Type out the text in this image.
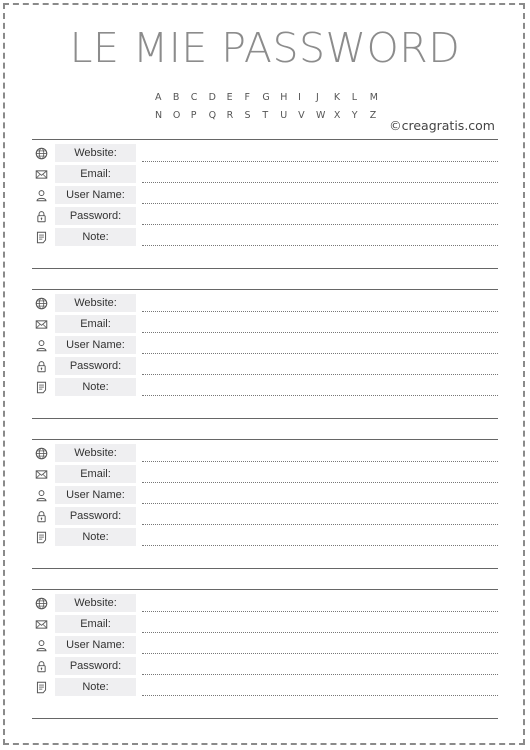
LE MIE PASSWORD
A	B	C	D	E	F	G	H	I	J	K	L	M
N	O	P	Q	R	S	T	U	V	W X	Y	Z
©creagratis.com
Website:
Email:
User Name:
Password:
Note:
Website:
Email:
User Name:
Password:
Note:
Website:
Email:
User Name:
Password:
Note:
Website:
Email:
User Name:
Password:
Note:
